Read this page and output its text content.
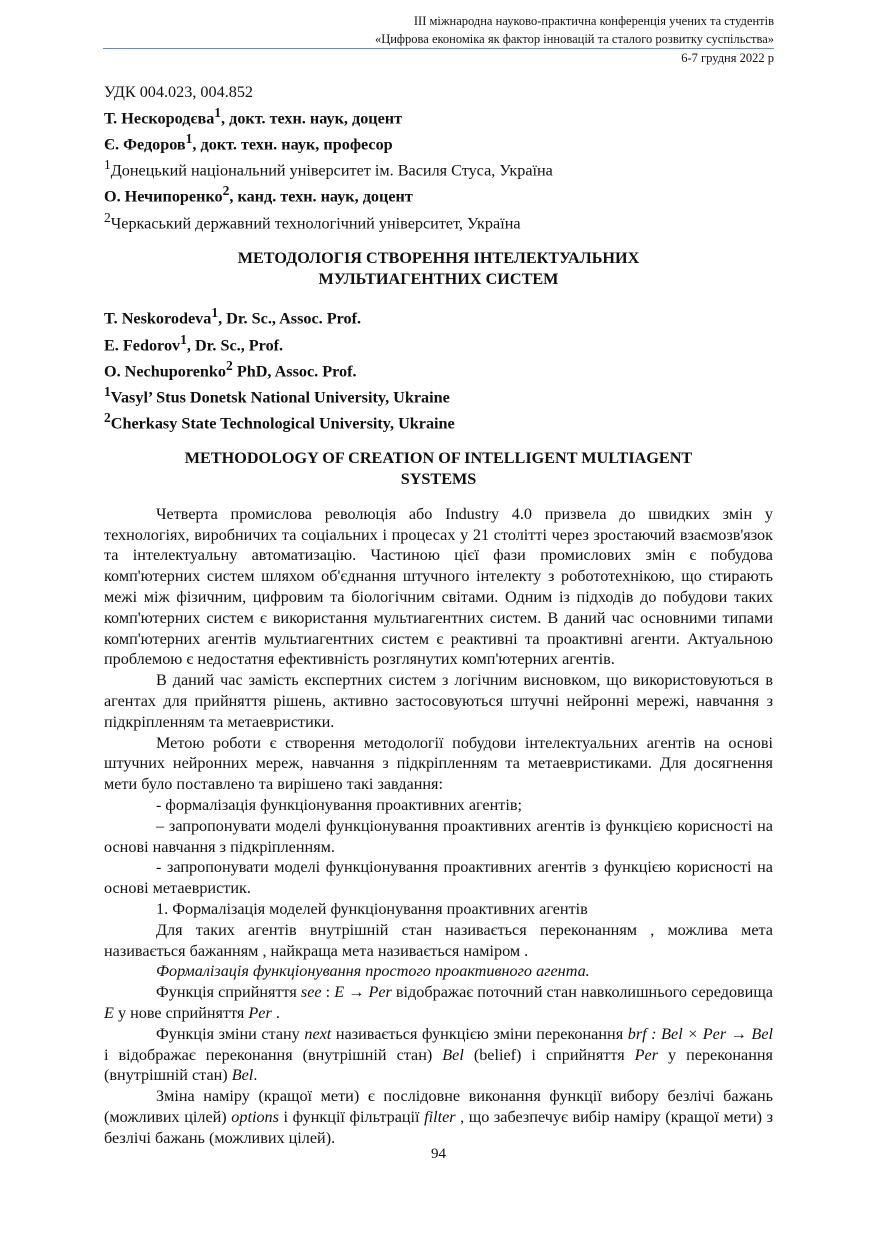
ІІІ міжнародна науково-практична конференція учених та студентів
«Цифрова економіка як фактор інновацій та сталого розвитку суспільства»
6-7 грудня 2022 р

УДК 004.023, 004.852

Т. Нескородєва$^1$, докт. техн. наук, доцент

Є. Федоров$^1$, докт. техн. наук, професор

$^1$Донецький національний університет ім. Василя Стуса, Україна

О. Нечипоренко$^2$, канд. техн. наук, доцент

$^2$Черкаський державний технологічний університет, Україна

МЕТОДОЛОГІЯ СТВОРЕННЯ ІНТЕЛЕКТУАЛЬНИХ

МУЛЬТИАГЕНТНИХ СИСТЕМ

T. Neskorodeva$^1$, Dr. Sc., Assoc. Prof.

E. Fedorov$^1$, Dr. Sc., Prof.

O. Nechuporenko$^2$ PhD, Assoc. Prof.

$^1$Vasyl’ Stus Donetsk National University, Ukraine

$^2$Cherkasy State Technological University, Ukraine

METHODOLOGY OF CREATION OF INTELLIGENT MULTIAGENT

SYSTEMS

Четверта промислова революція або Industry 4.0 призвела до швидких змін у технологіях, виробничих та соціальних і процесах у 21 столітті через зростаючий взаємозв'язок та інтелектуальну автоматизацію. Частиною цієї фази промислових змін є побудова комп'ютерних систем шляхом об'єднання штучного інтелекту з робототехнікою, що стирають межі між фізичним, цифровим та біологічним світами. Одним із підходів до побудови таких комп'ютерних систем є використання мультиагентних систем. В даний час основними типами комп'ютерних агентів мультиагентних систем є реактивні та проактивні агенти. Актуальною проблемою є недостатня ефективність розглянутих комп'ютерних агентів.

В даний час замість експертних систем з логічним висновком, що використовуються в агентах для прийняття рішень, активно застосовуються штучні нейронні мережі, навчання з підкріпленням та метаевристики.

Метою роботи є створення методології побудови інтелектуальних агентів на основі штучних нейронних мереж, навчання з підкріпленням та метаевристиками. Для досягнення мети було поставлено та вирішено такі завдання:

- формалізація функціонування проактивних агентів;

– запропонувати моделі функціонування проактивних агентів із функцією корисності на основі навчання з підкріпленням.

- запропонувати моделі функціонування проактивних агентів з функцією корисності на основі метаевристик.

1. Формалізація моделей функціонування проактивних агентів

Для таких агентів внутрішній стан називається переконанням , можлива мета називається бажанням , найкраща мета називається наміром .

Формалізація функціонування простого проактивного агента.

Функція сприйняття see : E → Per відображає поточний стан навколишнього середовища E у нове сприйняття Per .

Функція зміни стану next називається функцією зміни переконання brf : Bel × Per → Bel і відображає переконання (внутрішній стан) Bel (belief) і сприйняття Per у переконання (внутрішній стан) Bel.

Зміна наміру (кращої мети) є послідовне виконання функції вибору безлічі бажань (можливих цілей) options і функції фільтрації filter , що забезпечує вибір наміру (кращої мети) з безлічі бажань (можливих цілей).

94
